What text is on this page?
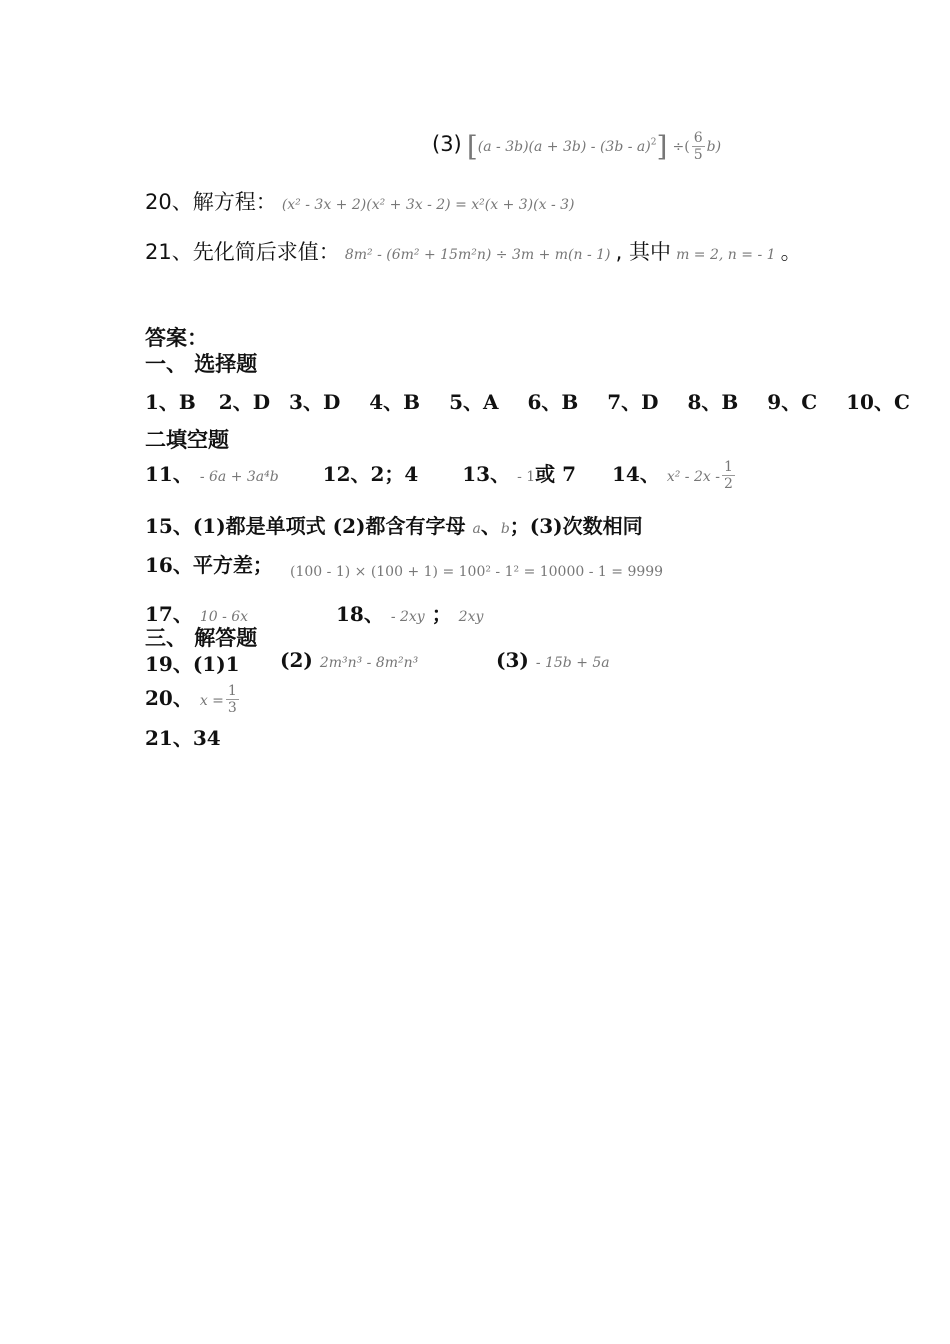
(3) [(a - 3b)(a + 3b) - (3b - a)$^2$] ÷( $\frac{6}{5} b$)
20、解方程： (x² - 3x + 2)(x² + 3x - 2) = x²(x + 3)(x - 3)
21、先化简后求值： 8m² - (6m² + 15m²n) ÷ 3m + m(n - 1) , 其中 m = 2, n = - 1 。
答案：
一、 选择题
1、B 2、D 3、D 4、B 5、A 6、B 7、D 8、B 9、C 10、C
二填空题
11、 - 6a + 3a⁴b 12、2；4 13、 - 1或 7 14、 $x^2 - 2x - \frac{1}{2}$
15、(1)都是单项式 (2)都含有字母 a、b；(3)次数相同
16、平方差； (100 - 1) × (100 + 1) = 100² - 1² = 10000 - 1 = 9999
17、 10 - 6x	18、 - 2xy ； 2xy
三、 解答题
19、(1)1 (2) 2m³n³ - 8m²n³	(3) - 15b + 5a
20、 $x = \frac{1}{3}$
21、34
